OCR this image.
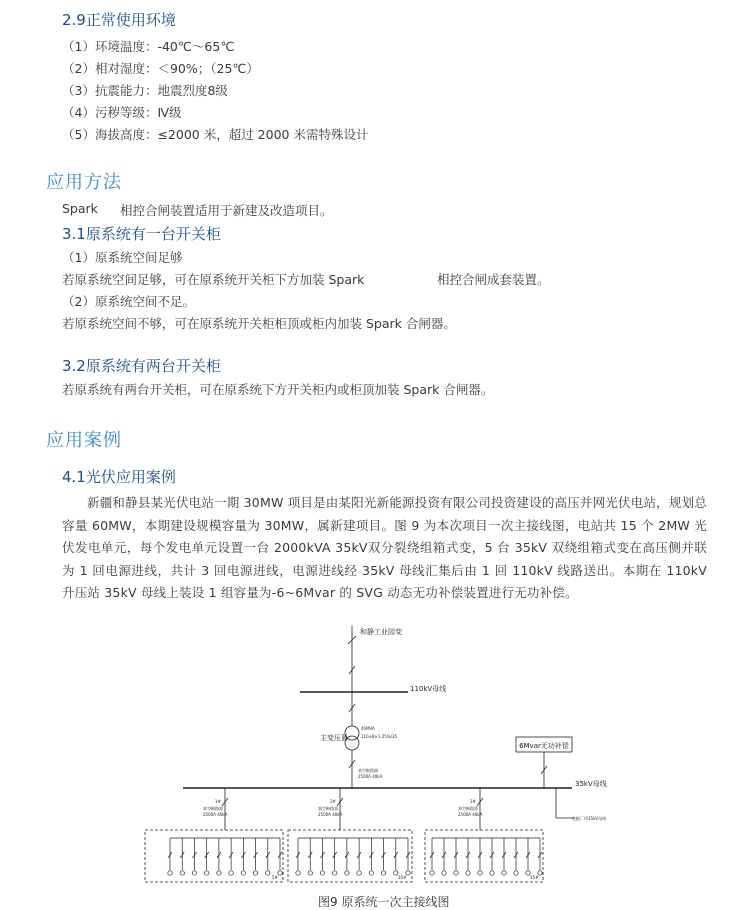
2.9正常使用环境
（1）环境温度：-40℃～65℃
（2）相对湿度：＜90%；（25℃）
（3）抗震能力：地震烈度8级
（4）污秽等级：Ⅳ级
（5）海拔高度：≤2000 米，超过 2000 米需特殊设计
应用方法
Spark 相控合闸装置适用于新建及改造项目。
3.1原系统有一台开关柜
（1）原系统空间足够
若原系统空间足够，可在原系统开关柜下方加装 Spark	相控合闸成套装置。
（2）原系统空间不足。
若原系统空间不够，可在原系统开关柜柜顶或柜内加装 Spark 合闸器。
3.2原系统有两台开关柜
若原系统有两台开关柜，可在原系统下方开关柜内或柜顶加装 Spark 合闸器。
应用案例
4.1光伏应用案例
新疆和静县某光伏电站一期 30MW 项目是由某阳光新能源投资有限公司投资建设的高压并网光伏电站，规划总容量 60MW，本期建设规模容量为 30MW，属新建项目。图 9 为本次项目一次主接线图，电站共 15 个 2MW 光伏发电单元，每个发电单元设置一台 2000kVA 35kV双分裂绕组箱式变，5 台 35kV 双绕组箱式变在高压侧并联为 1 回电源进线，共计 3 回电源进线，电源进线经 35kV 母线汇集后由 1 回 110kV 线路送出。本期在 110kV 升压站 35kV 母线上装设 1 组容量为-6~6Mvar 的 SVG 动态无功补偿装置进行无功补偿。
和静工业园变
110kV母线
主变压器
40MVA
110±8×1.25%/35
真空断路器
2500A 40kA
6Mvar无功补偿
35kV母线
变配厂用35kV母线
1#
真空断路器
2500A 40kA
5#
2#
真空断路器
2500A 40kA
10#
3#
真空断路器
2500A 40kA
15#
图9 原系统一次主接线图
